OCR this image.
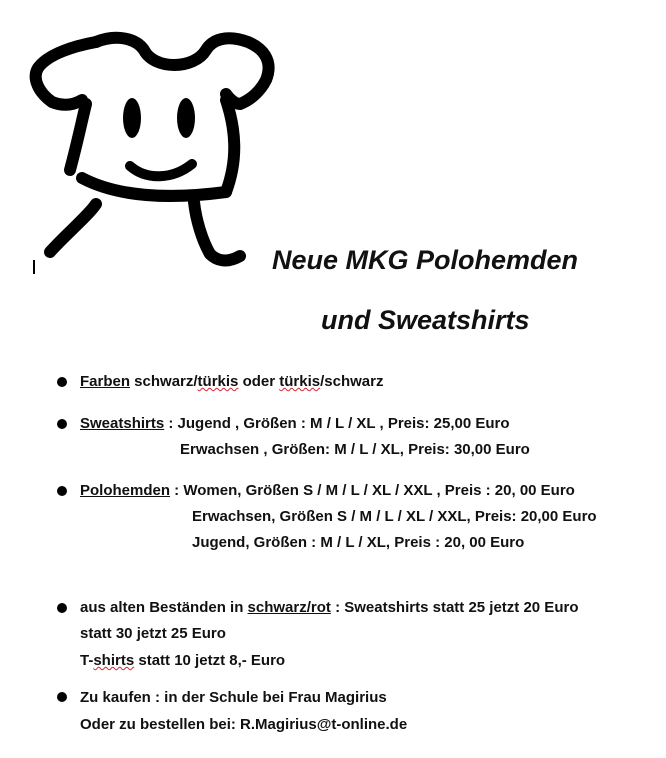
Neue MKG Polohemden
und Sweatshirts
Farben schwarz/türkis oder türkis/schwarz
Sweatshirts : Jugend , Größen : M / L / XL , Preis: 25,00 Euro
Erwachsen , Größen: M / L / XL, Preis: 30,00 Euro
Polohemden : Women, Größen S / M / L / XL / XXL , Preis : 20, 00 Euro
Erwachsen, Größen S / M / L / XL / XXL, Preis: 20,00 Euro
Jugend, Größen : M / L / XL, Preis : 20, 00 Euro
aus alten Beständen in schwarz/rot : Sweatshirts statt 25 jetzt 20 Euro
statt 30 jetzt 25 Euro
T-shirts statt 10 jetzt 8,- Euro
Zu kaufen : in der Schule bei Frau Magirius
Oder zu bestellen bei: R.Magirius@t-online.de
